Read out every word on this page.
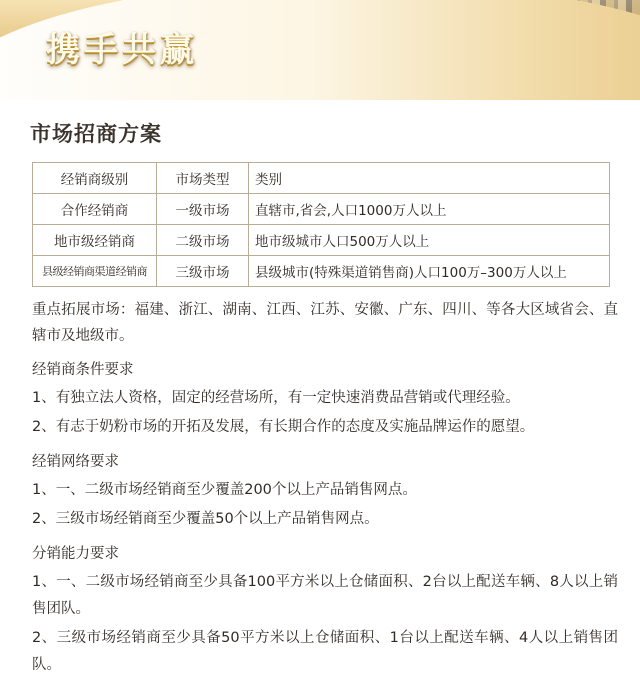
携手共赢
市场招商方案
经销商级别	市场类型	类别
合作经销商	一级市场	直辖市,省会,人口1000万人以上
地市级经销商	二级市场	地市级城市人口500万人以上
县级经销商渠道经销商	三级市场	县级城市(特殊渠道销售商)人口100万–300万人以上
重点拓展市场：福建、浙江、湖南、江西、江苏、安徽、广东、四川、等各大区域省会、直辖市及地级市。
经销商条件要求
1、有独立法人资格，固定的经营场所，有一定快速消费品营销或代理经验。
2、有志于奶粉市场的开拓及发展，有长期合作的态度及实施品牌运作的愿望。
经销网络要求
1、一、二级市场经销商至少覆盖200个以上产品销售网点。
2、三级市场经销商至少覆盖50个以上产品销售网点。
分销能力要求
1、一、二级市场经销商至少具备100平方米以上仓储面积、2台以上配送车辆、8人以上销售团队。
2、三级市场经销商至少具备50平方米以上仓储面积、1台以上配送车辆、4人以上销售团队。
